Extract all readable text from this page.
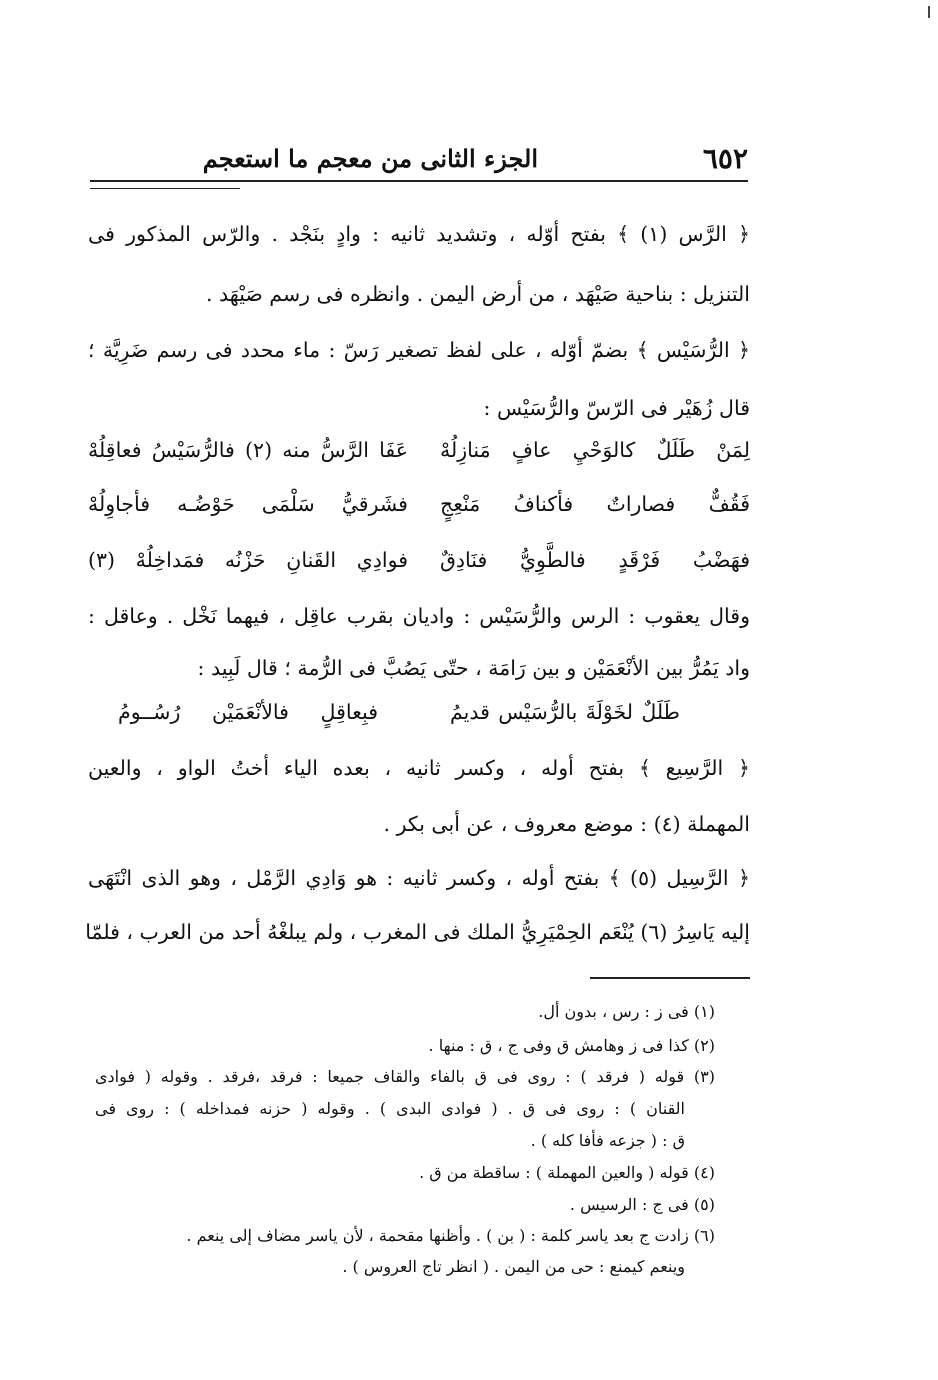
٦٥٢
الجزء الثانى من معجم ما استعجم
﴿ الرَّس (١) ﴾ بفتح أوّله ، وتشديد ثانيه : وادٍ بنَجْد . والرّس المذكور فى
التنزيل : بناحية صَيْهَد ، من أرض اليمن . وانظره فى رسم صَيْهَد .
﴿ الرُّسَيْس ﴾ بضمّ أوّله ، على لفظ تصغير رَسّ : ماء محدد فى رسم ضَرِيَّة ؛
قال زُهَيْر فى الرّسّ والرُّسَيْس :
لِمَنْ طَلَلٌ كالوَحْيِ عافٍ مَنازِلُهْ
عَفَا الرَّسُّ منه (٢) فالرُّسَيْسُ فعاقِلُهْ
فَقُفٌّ فصاراتٌ فأكنافُ مَنْعِجٍ
فشَرقيُّ سَلْمَى حَوْضُـه فأجاوِلُهْ
فهَضْبُ فَرْقَدٍ فالطَّوِيُّ فنَادِقٌ
فوادِي القَنانِ حَزْنُه فمَداخِلُهْ (٣)
وقال يعقوب : الرس والرُّسَيْس : واديان بقرب عاقِل ، فيهما نَخْل . وعاقل :
واد يَمُرُّ بين الأنْعَمَيْن و بين رَامَة ، حتّى يَصُبَّ فى الرُّمة ؛ قال لَبِيد :
طَلَلٌ لخَوْلَةَ بالرُّسَيْس قديمُ
فبِعاقِلٍ فالأنْعَمَيْن رُسُــومُ
﴿ الرَّسِيع ﴾ بفتح أوله ، وكسر ثانيه ، بعده الياء أختُ الواو ، والعين
المهملة (٤) : موضع معروف ، عن أبى بكر .
﴿ الرَّسِيل (٥) ﴾ بفتح أوله ، وكسر ثانيه : هو وَادِي الرَّمْل ، وهو الذى انْتَهَى
إليه يَاسِرُ (٦) يُنْعَم الحِمْيَرِيُّ الملك فى المغرب ، ولم يبلغْهُ أحد من العرب ، فلمّا
(١) فى ز : رس ، بدون أل.
(٢) كذا فى ز وهامش ق وفى ج ، ق : منها .
(٣) قوله ( فرقد ) : روى فى ق بالفاء والقاف جميعا : فرقد ،فرقد . وقوله ( فوادى
القنان ) : روى فى ق . ( فوادى البدى ) . وقوله ( حزنه فمداخله ) : روى فى
ق : ( جزعه فأفا كله ) .
(٤) قوله ( والعين المهملة ) : ساقطة من ق .
(٥) فى ج : الرسيس .
(٦) زادت ج بعد ياسر كلمة : ( بن ) . وأظنها مقحمة ، لأن ياسر مضاف إلى ينعم .
وينعم كيمنع : حى من اليمن . ( انظر تاج العروس ) .
